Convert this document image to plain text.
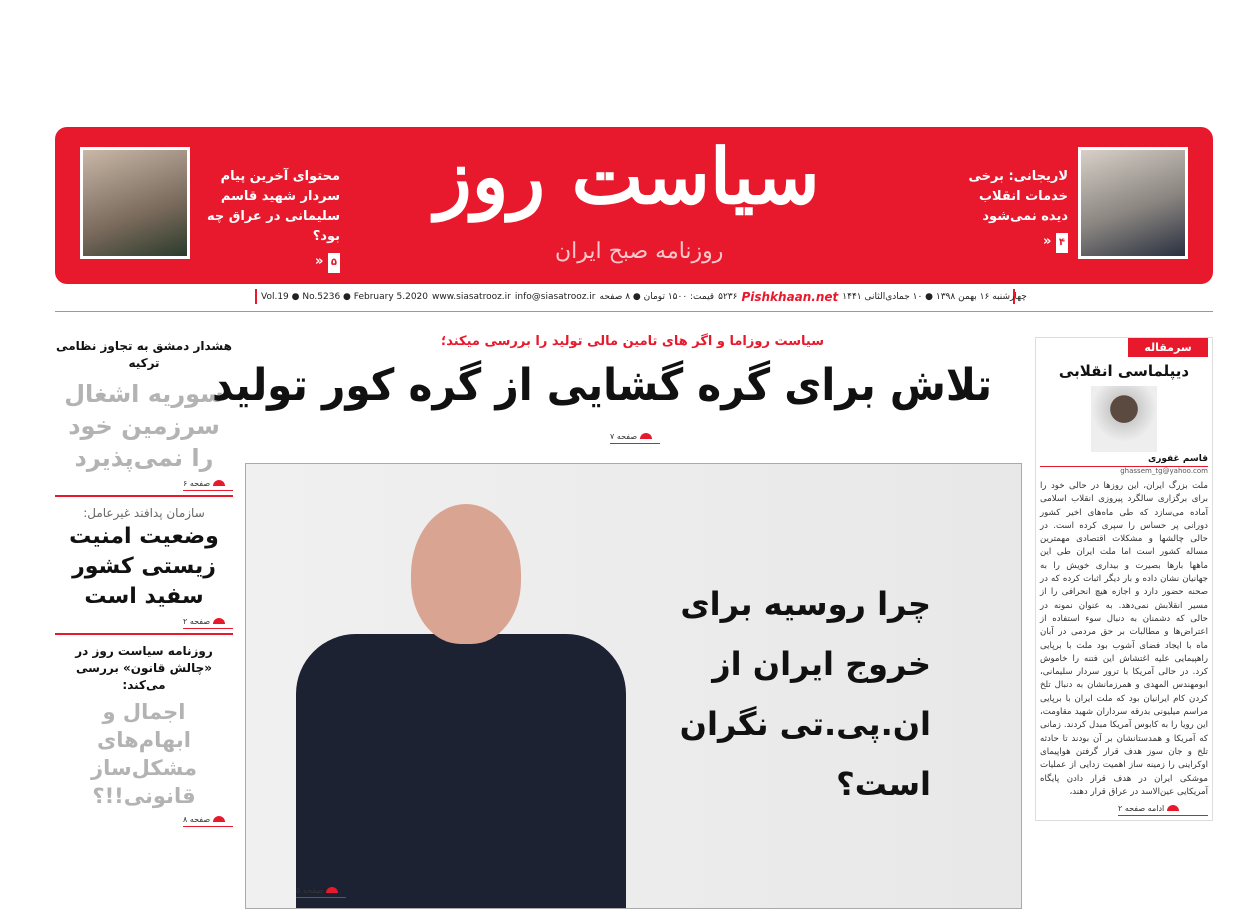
محتوای آخرین پیام سردار شهید قاسم سلیمانی در عراق چه بود؟
۵ «
سیاست روز
روزنامه صبح ایران
لاریجانی: برخی خدمات انقلاب دیده نمی‌شود
۴ «
Vol.19 ● No.5236 ● February 5.2020 www.siasatrooz.ir info@siasatrooz.ir قیمت: ۱۵۰۰ تومان ● ۸ صفحه ۵۲۳۶ Pishkhaan.net چهارشنبه ۱۶ بهمن ۱۳۹۸ ● ۱۰ جمادی‌الثانی ۱۴۴۱
هشدار دمشق به تجاوز نظامی ترکیه
سوریه اشغال سرزمین خود را نمی‌پذیرد
صفحه ۶
سازمان پدافند غیرعامل:
وضعیت امنیت زیستی کشور سفید است
صفحه ۲
روزنامه سیاست روز در «چالش قانون» بررسی می‌کند:
اجمال و ابهام‌های مشکل‌ساز قانونی!!؟
صفحه ۸
سیاست روزاما و اگر های تامین مالی تولید را بررسی میکند؛
تلاش برای گره گشایی از گره کور تولید
صفحه ۷
چرا روسیه برای خروج ایران از ان.پی.تی نگران است؟
صفحه ۵
سرمقاله
دیپلماسی انقلابی
قاسم غفوری
ghassem_tg@yahoo.com
ملت بزرگ ایران، این روزها در حالی خود را برای برگزاری سالگرد پیروزی انقلاب اسلامی آماده می‌سازد که طی ماه‌های اخیر کشور دورانی پر حساس را سپری کرده است. در حالی چالشها و مشکلات اقتصادی مهمترین مساله کشور است اما ملت ایران طی این ماهها بارها بصیرت و بیداری خویش را به جهانیان نشان داده و بار دیگر اثبات کرده که در صحنه حضور دارد و اجازه هیچ انحرافی را از مسیر انقلابش نمی‌دهد. به عنوان نمونه در حالی که دشمنان به دنبال سوء استفاده از اعتراض‌ها و مطالبات بر حق مردمی در آبان ماه با ایجاد فضای آشوب بود ملت با برپایی راهپیمایی علیه اغتشاش این فتنه را خاموش کرد. در حالی آمریکا با ترور سردار سلیمانی، ابومهندس المهدی و همرزمانشان به دنبال تلخ کردن کام ایرانیان بود که ملت ایران با برپایی مراسم میلیونی بدرقه سرداران شهید مقاومت، این رویا را به کابوس آمریکا مبدل کردند. زمانی که آمریکا و همدستانشان بر آن بودند تا حادثه تلخ و جان سوز هدف قرار گرفتن هواپیمای اوکراینی را زمینه ساز اهمیت زدایی از عملیات موشکی ایران در هدف قرار دادن پایگاه آمریکایی عین‌الاسد در عراق قرار دهند،
ادامه صفحه ۲
